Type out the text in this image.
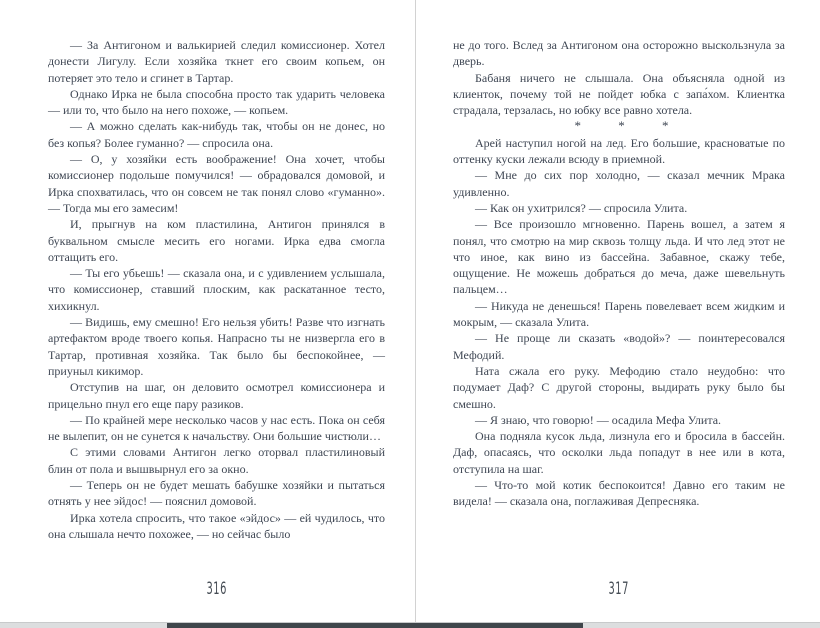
— За Антигоном и валькирией следил комиссионер. Хотел донести Лигулу. Если хозяйка ткнет его своим копьем, он потеряет это тело и сгинет в Тартар.

Однако Ирка не была способна просто так ударить человека — или то, что было на него похоже, — копьем.

— А можно сделать как-нибудь так, чтобы он не донес, но без копья? Более гуманно? — спросила она.

— О, у хозяйки есть воображение! Она хочет, чтобы комиссионер подольше помучился! — обрадовался домовой, и Ирка спохватилась, что он совсем не так понял слово «гуманно». — Тогда мы его замесим!

И, прыгнув на ком пластилина, Антигон принялся в буквальном смысле месить его ногами. Ирка едва смогла оттащить его.

— Ты его убьешь! — сказала она, и с удивлением услышала, что комиссионер, ставший плоским, как раскатанное тесто, хихикнул.

— Видишь, ему смешно! Его нельзя убить! Разве что изгнать артефактом вроде твоего копья. Напрасно ты не низвергла его в Тартар, противная хозяйка. Так было бы беспокойнее, — приуныл кикимор.

Отступив на шаг, он деловито осмотрел комиссионера и прицельно пнул его еще пару разиков.

— По крайней мере несколько часов у нас есть. Пока он себя не вылепит, он не сунется к начальству. Они большие чистюли…

С этими словами Антигон легко оторвал пластилиновый блин от пола и вышвырнул его за окно.

— Теперь он не будет мешать бабушке хозяйки и пытаться отнять у нее эйдос! — пояснил домовой.

Ирка хотела спросить, что такое «эйдос» — ей чудилось, что она слышала нечто похожее, — но сейчас было

не до того. Вслед за Антигоном она осторожно выскользнула за дверь.

Бабаня ничего не слышала. Она объясняла одной из клиенток, почему той не пойдет юбка с запа́хом. Клиентка страдала, терзалась, но юбку все равно хотела.

* * *

Арей наступил ногой на лед. Его большие, красноватые по оттенку куски лежали всюду в приемной.

— Мне до сих пор холодно, — сказал мечник Мрака удивленно.

— Как он ухитрился? — спросила Улита.

— Все произошло мгновенно. Парень вошел, а затем я понял, что смотрю на мир сквозь толщу льда. И что лед этот не что иное, как вино из бассейна. Забавное, скажу тебе, ощущение. Не можешь добраться до меча, даже шевельнуть пальцем…

— Никуда не денешься! Парень повелевает всем жидким и мокрым, — сказала Улита.

— Не проще ли сказать «водой»? — поинтересовался Мефодий.

Ната сжала его руку. Мефодию стало неудобно: что подумает Даф? С другой стороны, выдирать руку было бы смешно.

— Я знаю, что говорю! — осадила Мефа Улита.

Она подняла кусок льда, лизнула его и бросила в бассейн. Даф, опасаясь, что осколки льда попадут в нее или в кота, отступила на шаг.

— Что-то мой котик беспокоится! Давно его таким не видела! — сказала она, поглаживая Депресняка.

316	317
